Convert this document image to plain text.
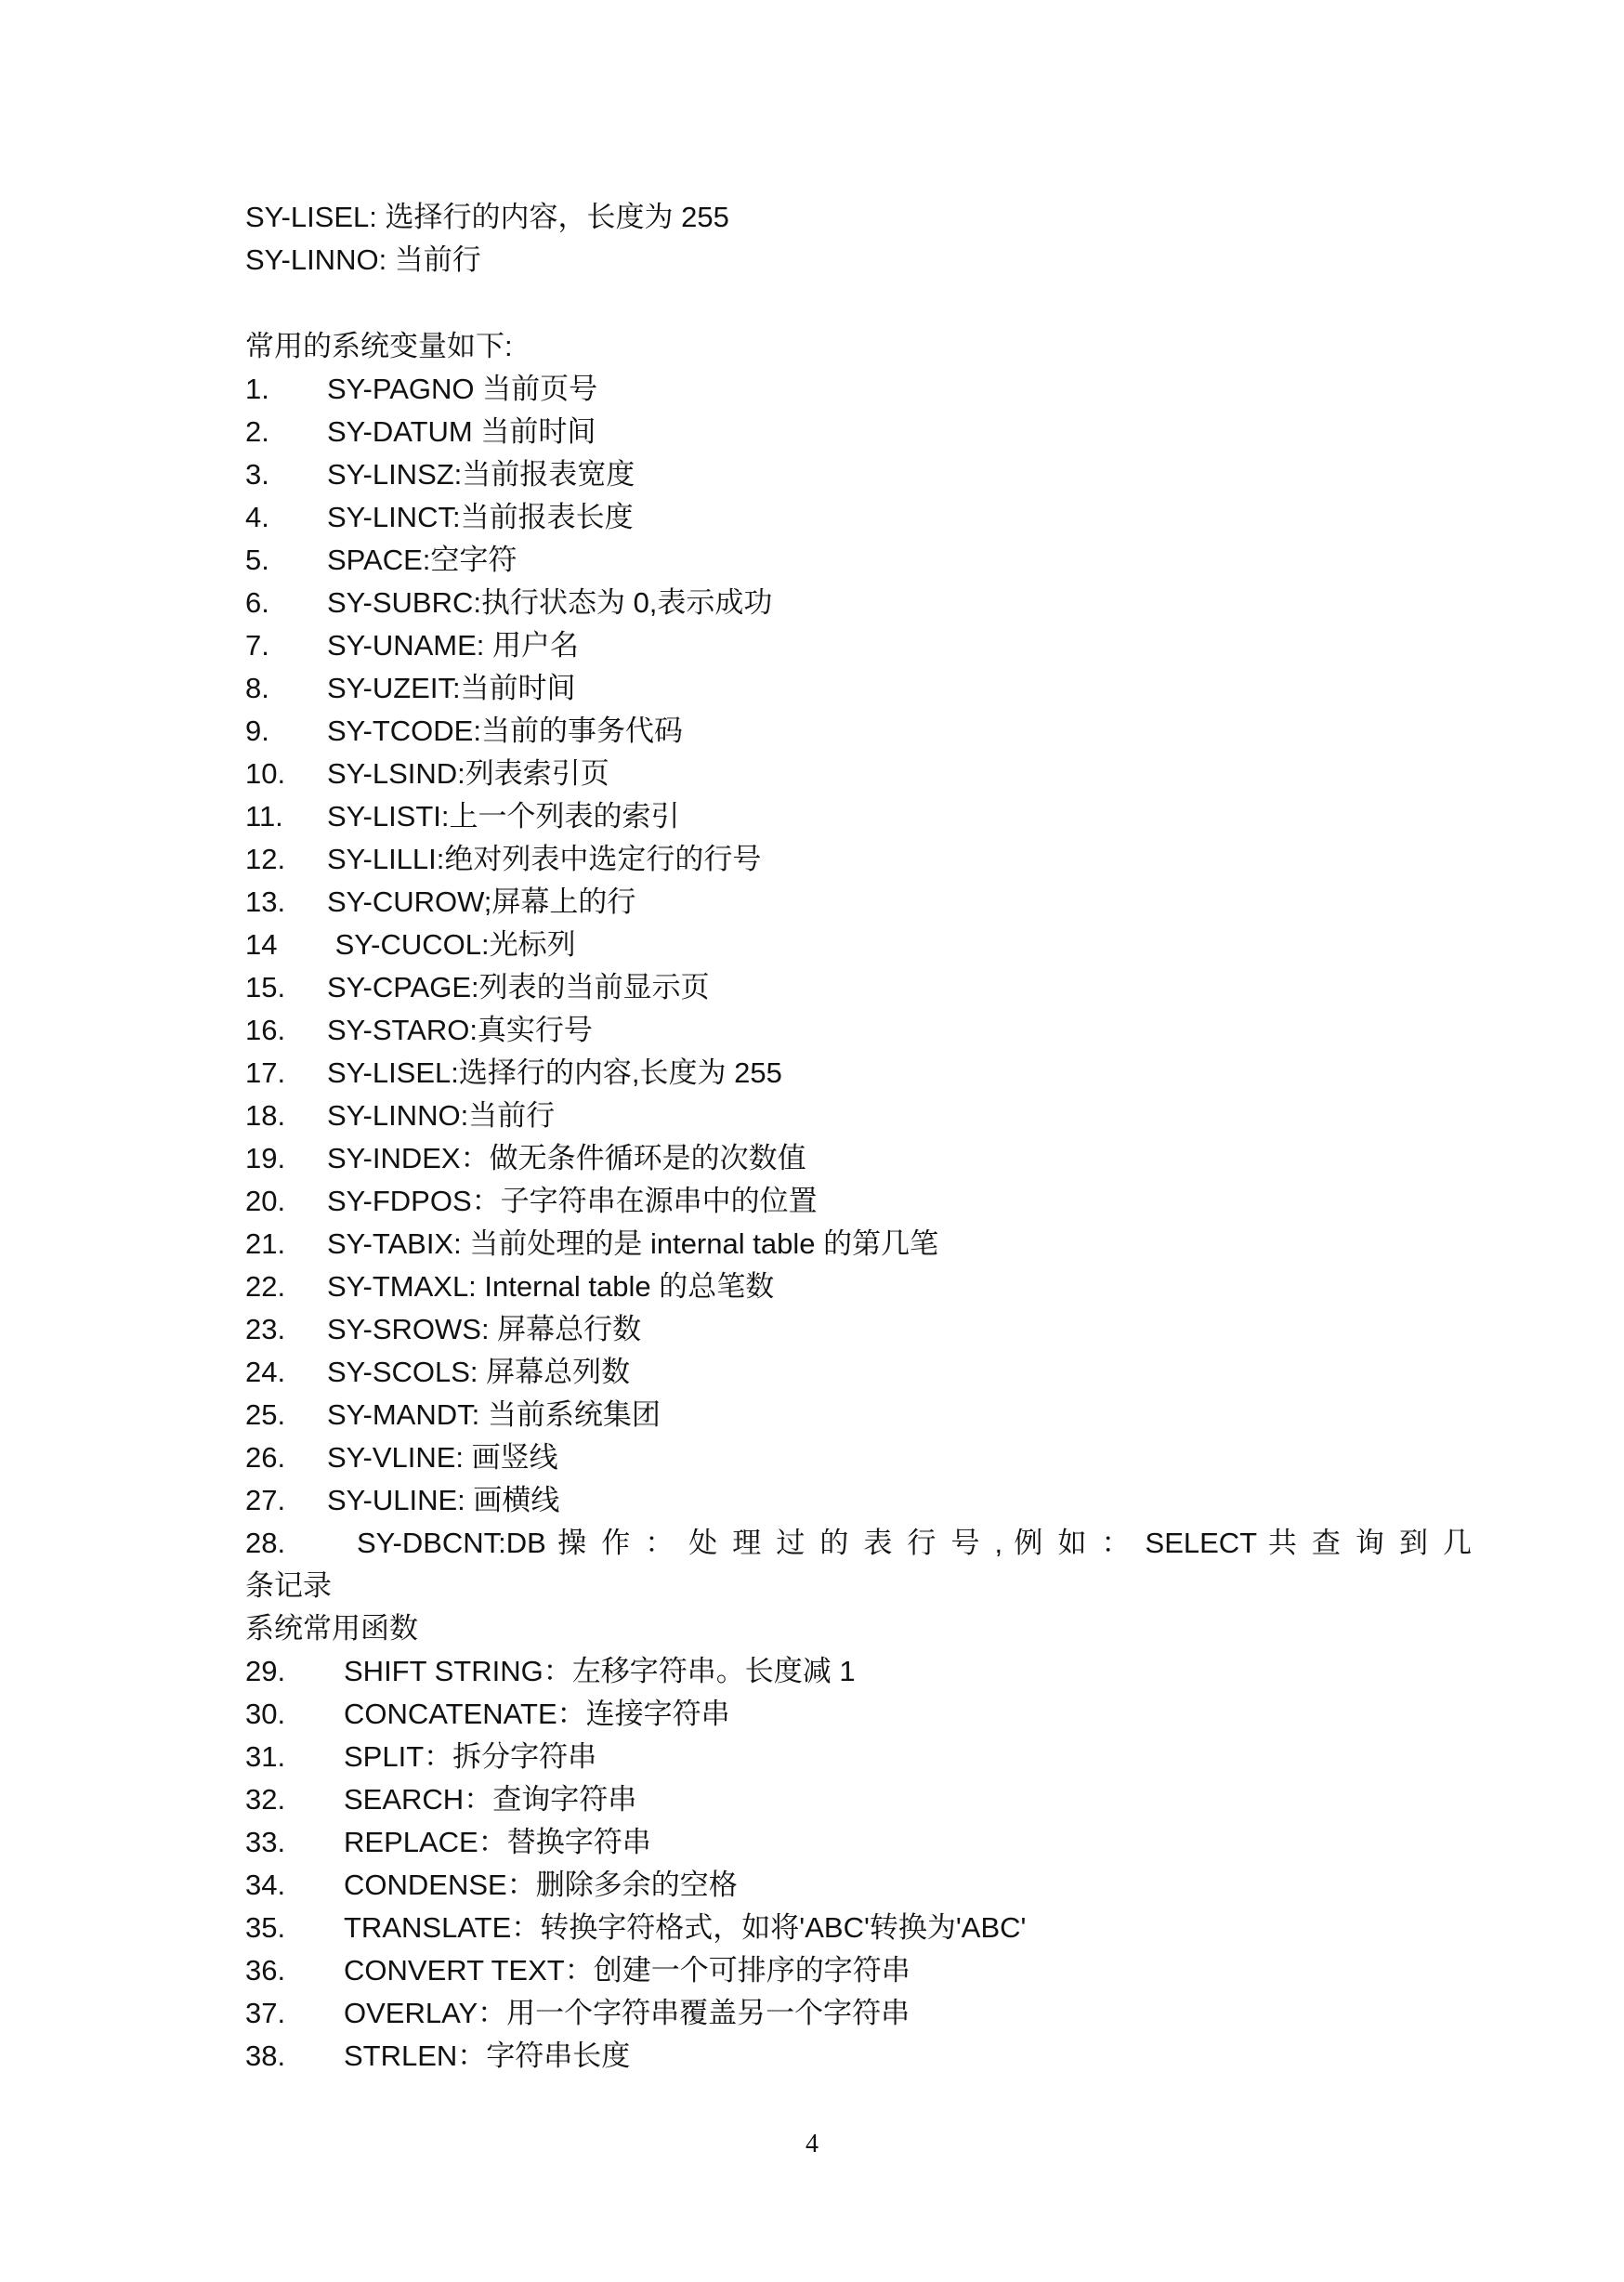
SY-LISEL: 选择行的内容，长度为 255
SY-LINNO: 当前行
常用的系统变量如下:
1. SY-PAGNO 当前页号
2. SY-DATUM 当前时间
3. SY-LINSZ:当前报表宽度
4. SY-LINCT:当前报表长度
5. SPACE:空字符
6. SY-SUBRC:执行状态为 0,表示成功
7. SY-UNAME: 用户名
8. SY-UZEIT:当前时间
9. SY-TCODE:当前的事务代码
10. SY-LSIND:列表索引页
11. SY-LISTI:上一个列表的索引
12. SY-LILLI:绝对列表中选定行的行号
13. SY-CUROW;屏幕上的行
14 SY-CUCOL:光标列
15. SY-CPAGE:列表的当前显示页
16. SY-STARO:真实行号
17. SY-LISEL:选择行的内容,长度为 255
18. SY-LINNO:当前行
19. SY-INDEX：做无条件循环是的次数值
20. SY-FDPOS：子字符串在源串中的位置
21. SY-TABIX: 当前处理的是 internal table 的第几笔
22. SY-TMAXL: Internal table 的总笔数
23. SY-SROWS: 屏幕总行数
24. SY-SCOLS: 屏幕总列数
25. SY-MANDT: 当前系统集团
26. SY-VLINE: 画竖线
27. SY-ULINE: 画横线
28. SY-DBCNT:DB 操 作 ： 处 理 过 的 表 行 号 , 例 如 ： SELECT 共 查 询 到 几
条记录
系统常用函数
29. SHIFT STRING：左移字符串。长度减 1
30. CONCATENATE：连接字符串
31. SPLIT：拆分字符串
32. SEARCH：查询字符串
33. REPLACE：替换字符串
34. CONDENSE：删除多余的空格
35. TRANSLATE：转换字符格式，如将'ABC'转换为'ABC'
36. CONVERT TEXT：创建一个可排序的字符串
37. OVERLAY：用一个字符串覆盖另一个字符串
38. STRLEN：字符串长度
4
